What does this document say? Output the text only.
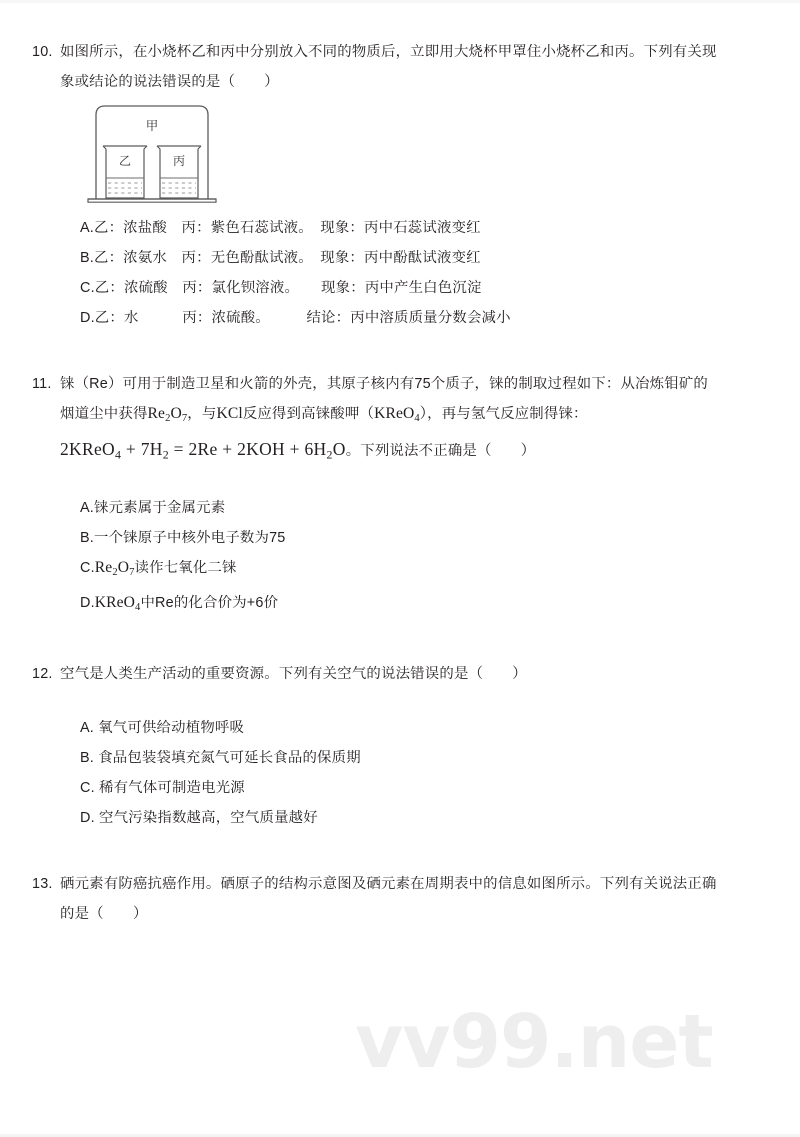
vv99.net
10. 如图所示，在小烧杯乙和丙中分别放入不同的物质后，立即用大烧杯甲罩住小烧杯乙和丙。下列有关现
象或结论的说法错误的是（　　）
甲
乙	丙
A.乙：浓盐酸　丙：紫色石蕊试液。　现象：丙中石蕊试液变红
B.乙：浓氨水　丙：无色酚酞试液。　现象：丙中酚酞试液变红
C.乙：浓硫酸　丙：氯化钡溶液。　　现象：丙中产生白色沉淀
D.乙：水　　　丙：浓硫酸。　　　结论：丙中溶质质量分数会减小
11. 铼（Re）可用于制造卫星和火箭的外壳，其原子核内有75个质子，铼的制取过程如下：从冶炼钼矿的
烟道尘中获得$Re_2O_7$，与KCl反应得到高铼酸呷（KReO$_4$），再与氢气反应制得铼：
2KReO$_4$ + $7H_2 = 2Re + 2KOH + 6H_2O$。下列说法不正确是（　　）
A.铼元素属于金属元素
B.一个铼原子中核外电子数为75
$C.Re_2O_7$读作七氧化二铼
D.KReO$_4$中Re的化合价为+6价
12. 空气是人类生产活动的重要资源。下列有关空气的说法错误的是（　　）
A. 氧气可供给动植物呼吸
B. 食品包装袋填充氮气可延长食品的保质期
C. 稀有气体可制造电光源
D. 空气污染指数越高，空气质量越好
13. 硒元素有防癌抗癌作用。硒原子的结构示意图及硒元素在周期表中的信息如图所示。下列有关说法正确
的是（　　）
